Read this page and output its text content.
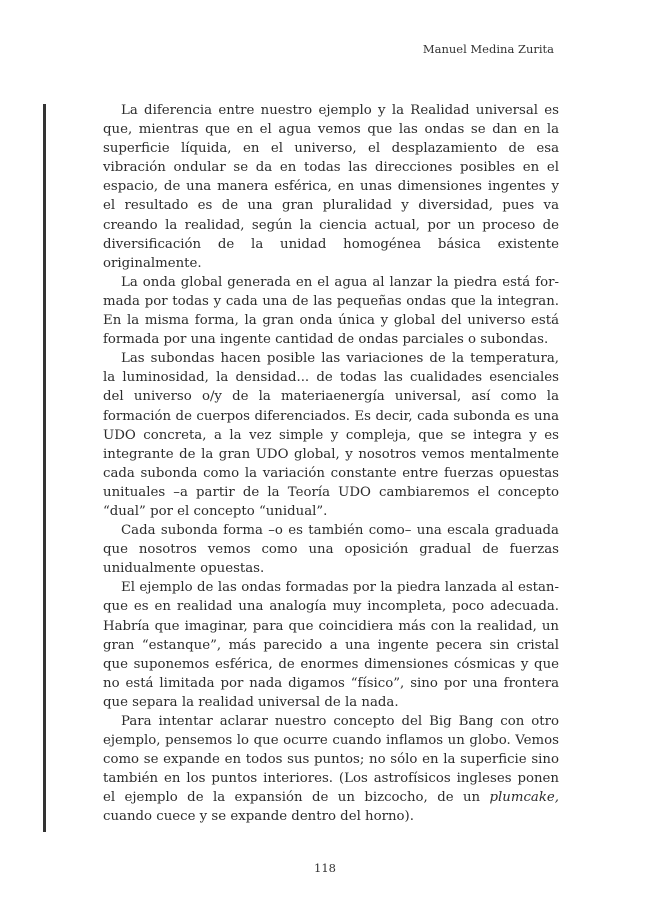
Manuel Medina Zurita

La diferencia entre nuestro ejemplo y la Realidad universal es que, mientras que en el agua vemos que las ondas se dan en la superficie líquida, en el universo, el desplazamiento de esa vibración ondular se da en todas las direcciones posibles en el espacio, de una manera esférica, en unas dimensiones ingentes y el resultado es de una gran pluralidad y diversidad, pues va creando la realidad, según la ciencia actual, por un proceso de diversificación de la unidad homogénea básica existente originalmente.

La onda global generada en el agua al lanzar la piedra está formada por todas y cada una de las pequeñas ondas que la integran. En la misma forma, la gran onda única y global del universo está formada por una ingente cantidad de ondas parciales o subondas.

Las subondas hacen posible las variaciones de la temperatura, la luminosidad, la densidad... de todas las cualidades esenciales del universo o/y de la materiaenergía universal, así como la formación de cuerpos diferenciados. Es decir, cada subonda es una UDO concreta, a la vez simple y compleja, que se integra y es integrante de la gran UDO global, y nosotros vemos mentalmente cada subonda como la variación constante entre fuerzas opuestas unituales –a partir de la Teoría UDO cambiaremos el concepto “dual” por el concepto “unidual”.

Cada subonda forma –o es también como– una escala graduada que nosotros vemos como una oposición gradual de fuerzas unidualmente opuestas.

El ejemplo de las ondas formadas por la piedra lanzada al estanque es en realidad una analogía muy incompleta, poco adecuada. Habría que imaginar, para que coincidiera más con la realidad, un gran “estanque”, más parecido a una ingente pecera sin cristal que suponemos esférica, de enormes dimensiones cósmicas y que no está limitada por nada digamos “físico”, sino por una frontera que separa la realidad universal de la nada.

Para intentar aclarar nuestro concepto del Big Bang con otro ejemplo, pensemos lo que ocurre cuando inflamos un globo. Vemos como se expande en todos sus puntos; no sólo en la superficie sino también en los puntos interiores. (Los astrofísicos ingleses ponen el ejemplo de la expansión de un bizcocho, de un plumcake, cuando cuece y se expande dentro del horno).

118
